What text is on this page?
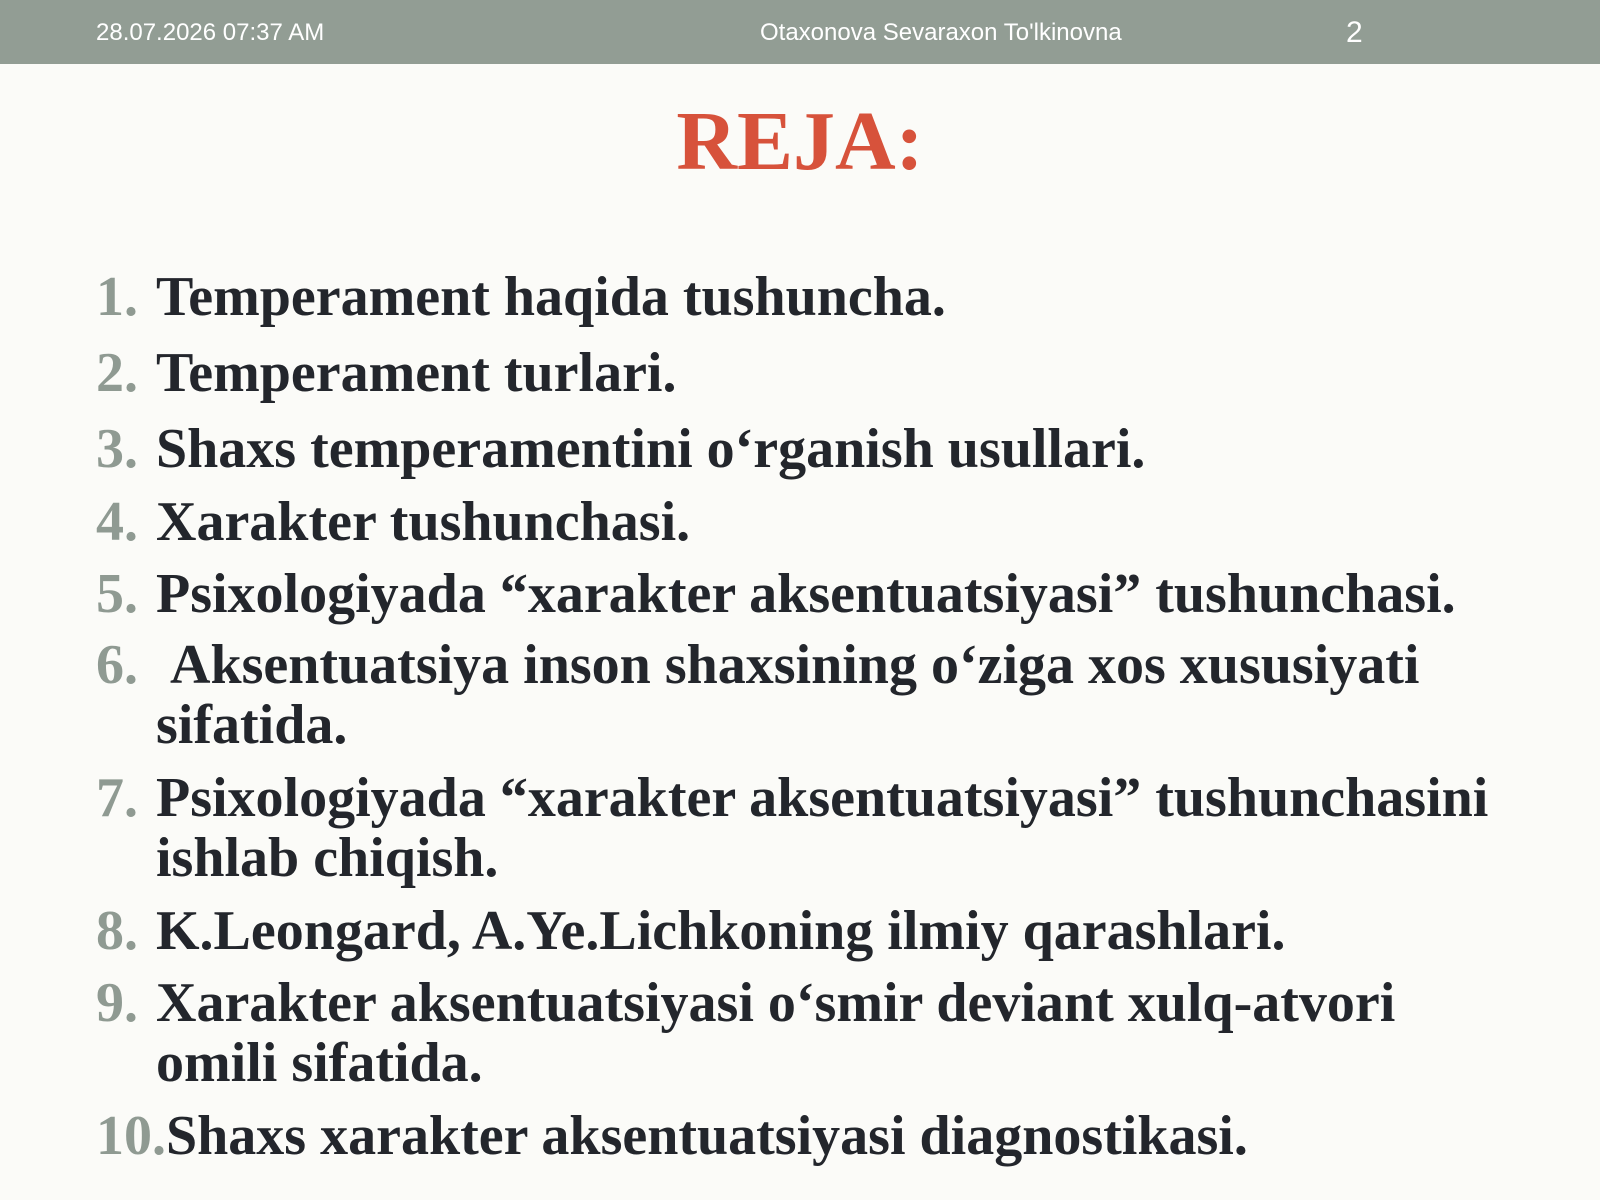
28.07.2026 07:37 AM	Otaxonova Sevaraxon To'lkinovna	2
REJA:
1. Temperament haqida tushuncha.
2. Temperament turlari.
3. Shaxs temperamentini o‘rganish usullari.
4. Xarakter tushunchasi.
5. Psixologiyada “xarakter aksentuatsiyasi” tushunchasi.
6. Aksentuatsiya inson shaxsining o‘ziga xos xususiyati sifatida.
7. Psixologiyada “xarakter aksentuatsiyasi” tushunchasini ishlab chiqish.
8. K.Leongard, A.Ye.Lichkoning ilmiy qarashlari.
9. Xarakter aksentuatsiyasi o‘smir deviant xulq-atvori omili sifatida.
10. Shaxs xarakter aksentuatsiyasi diagnostikasi.
